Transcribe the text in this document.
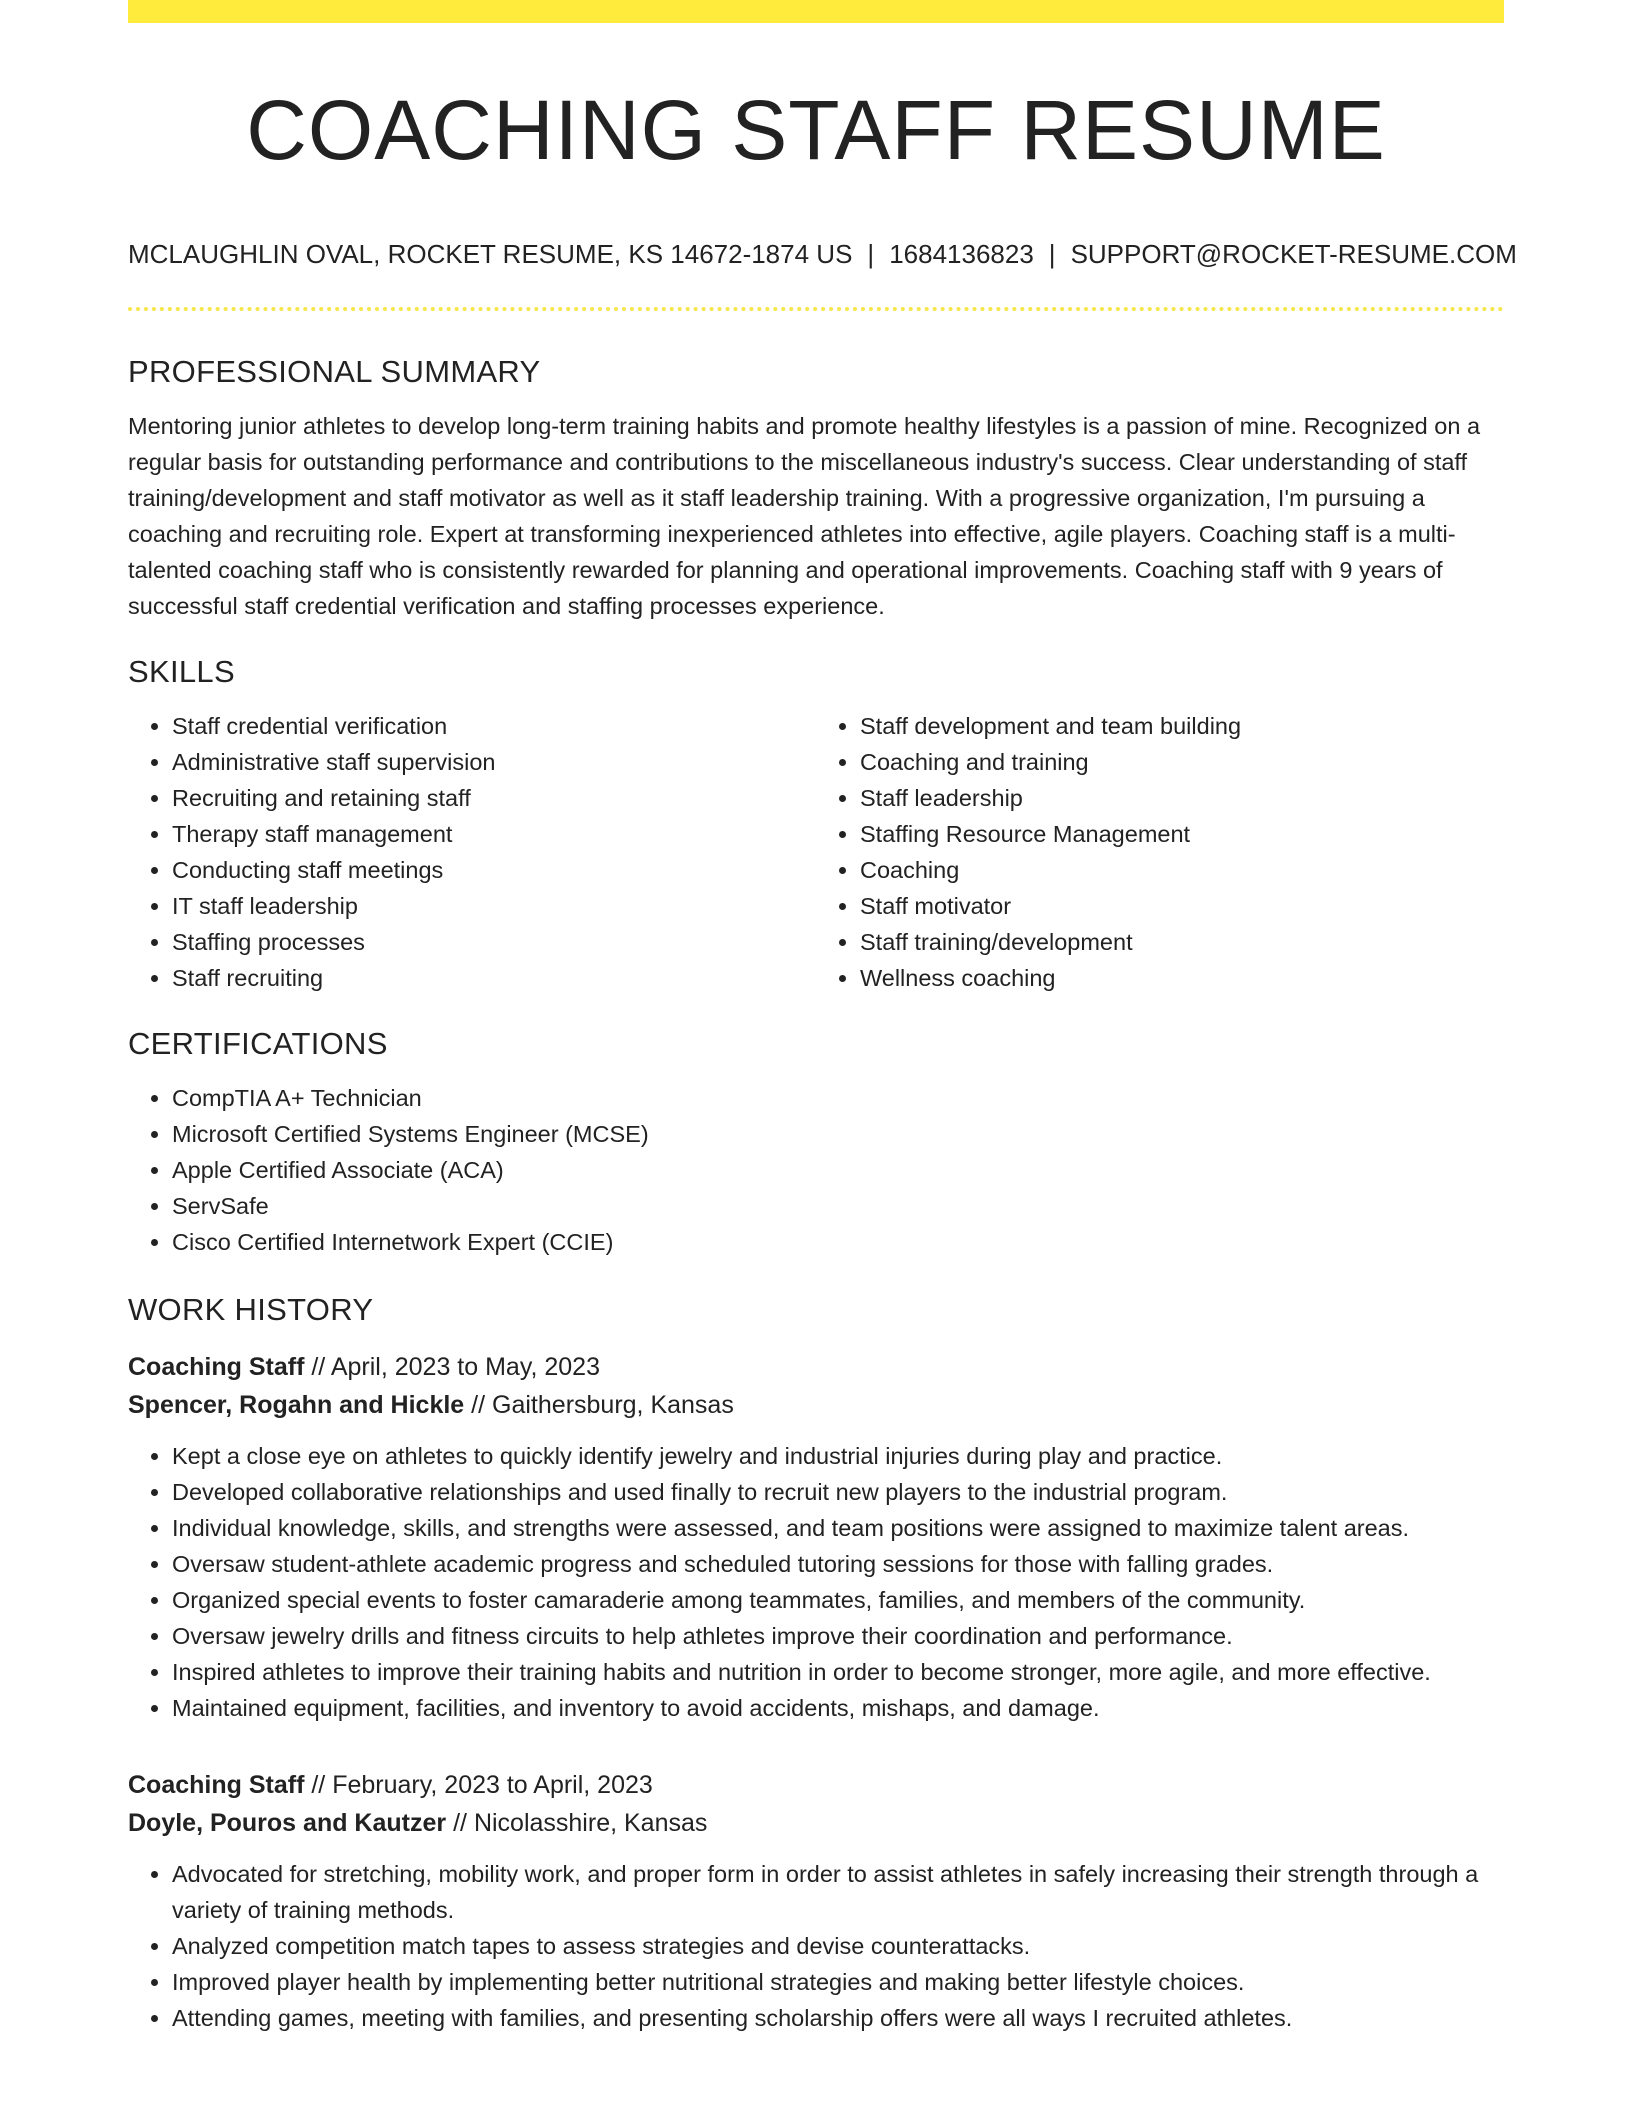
COACHING STAFF RESUME
MCLAUGHLIN OVAL, ROCKET RESUME, KS 14672-1874 US | 1684136823 | SUPPORT@ROCKET-RESUME.COM
PROFESSIONAL SUMMARY

Mentoring junior athletes to develop long-term training habits and promote healthy lifestyles is a passion of mine. Recognized on a regular basis for outstanding performance and contributions to the miscellaneous industry's success. Clear understanding of staff training/development and staff motivator as well as it staff leadership training. With a progressive organization, I'm pursuing a coaching and recruiting role. Expert at transforming inexperienced athletes into effective, agile players. Coaching staff is a multi-talented coaching staff who is consistently rewarded for planning and operational improvements. Coaching staff with 9 years of successful staff credential verification and staffing processes experience.

SKILLS
• Staff credential verification
• Administrative staff supervision
• Recruiting and retaining staff
• Therapy staff management
• Conducting staff meetings
• IT staff leadership
• Staffing processes
• Staff recruiting
• Staff development and team building
• Coaching and training
• Staff leadership
• Staffing Resource Management
• Coaching
• Staff motivator
• Staff training/development
• Wellness coaching
CERTIFICATIONS
• CompTIA A+ Technician
• Microsoft Certified Systems Engineer (MCSE)
• Apple Certified Associate (ACA)
• ServSafe
• Cisco Certified Internetwork Expert (CCIE)
WORK HISTORY
Coaching Staff // April, 2023 to May, 2023
Spencer, Rogahn and Hickle // Gaithersburg, Kansas
• Kept a close eye on athletes to quickly identify jewelry and industrial injuries during play and practice.
• Developed collaborative relationships and used finally to recruit new players to the industrial program.
• Individual knowledge, skills, and strengths were assessed, and team positions were assigned to maximize talent areas.
• Oversaw student-athlete academic progress and scheduled tutoring sessions for those with falling grades.
• Organized special events to foster camaraderie among teammates, families, and members of the community.
• Oversaw jewelry drills and fitness circuits to help athletes improve their coordination and performance.
• Inspired athletes to improve their training habits and nutrition in order to become stronger, more agile, and more effective.
• Maintained equipment, facilities, and inventory to avoid accidents, mishaps, and damage.
Coaching Staff // February, 2023 to April, 2023
Doyle, Pouros and Kautzer // Nicolasshire, Kansas
• Advocated for stretching, mobility work, and proper form in order to assist athletes in safely increasing their strength through a variety of training methods.
• Analyzed competition match tapes to assess strategies and devise counterattacks.
• Improved player health by implementing better nutritional strategies and making better lifestyle choices.
• Attending games, meeting with families, and presenting scholarship offers were all ways I recruited athletes.
